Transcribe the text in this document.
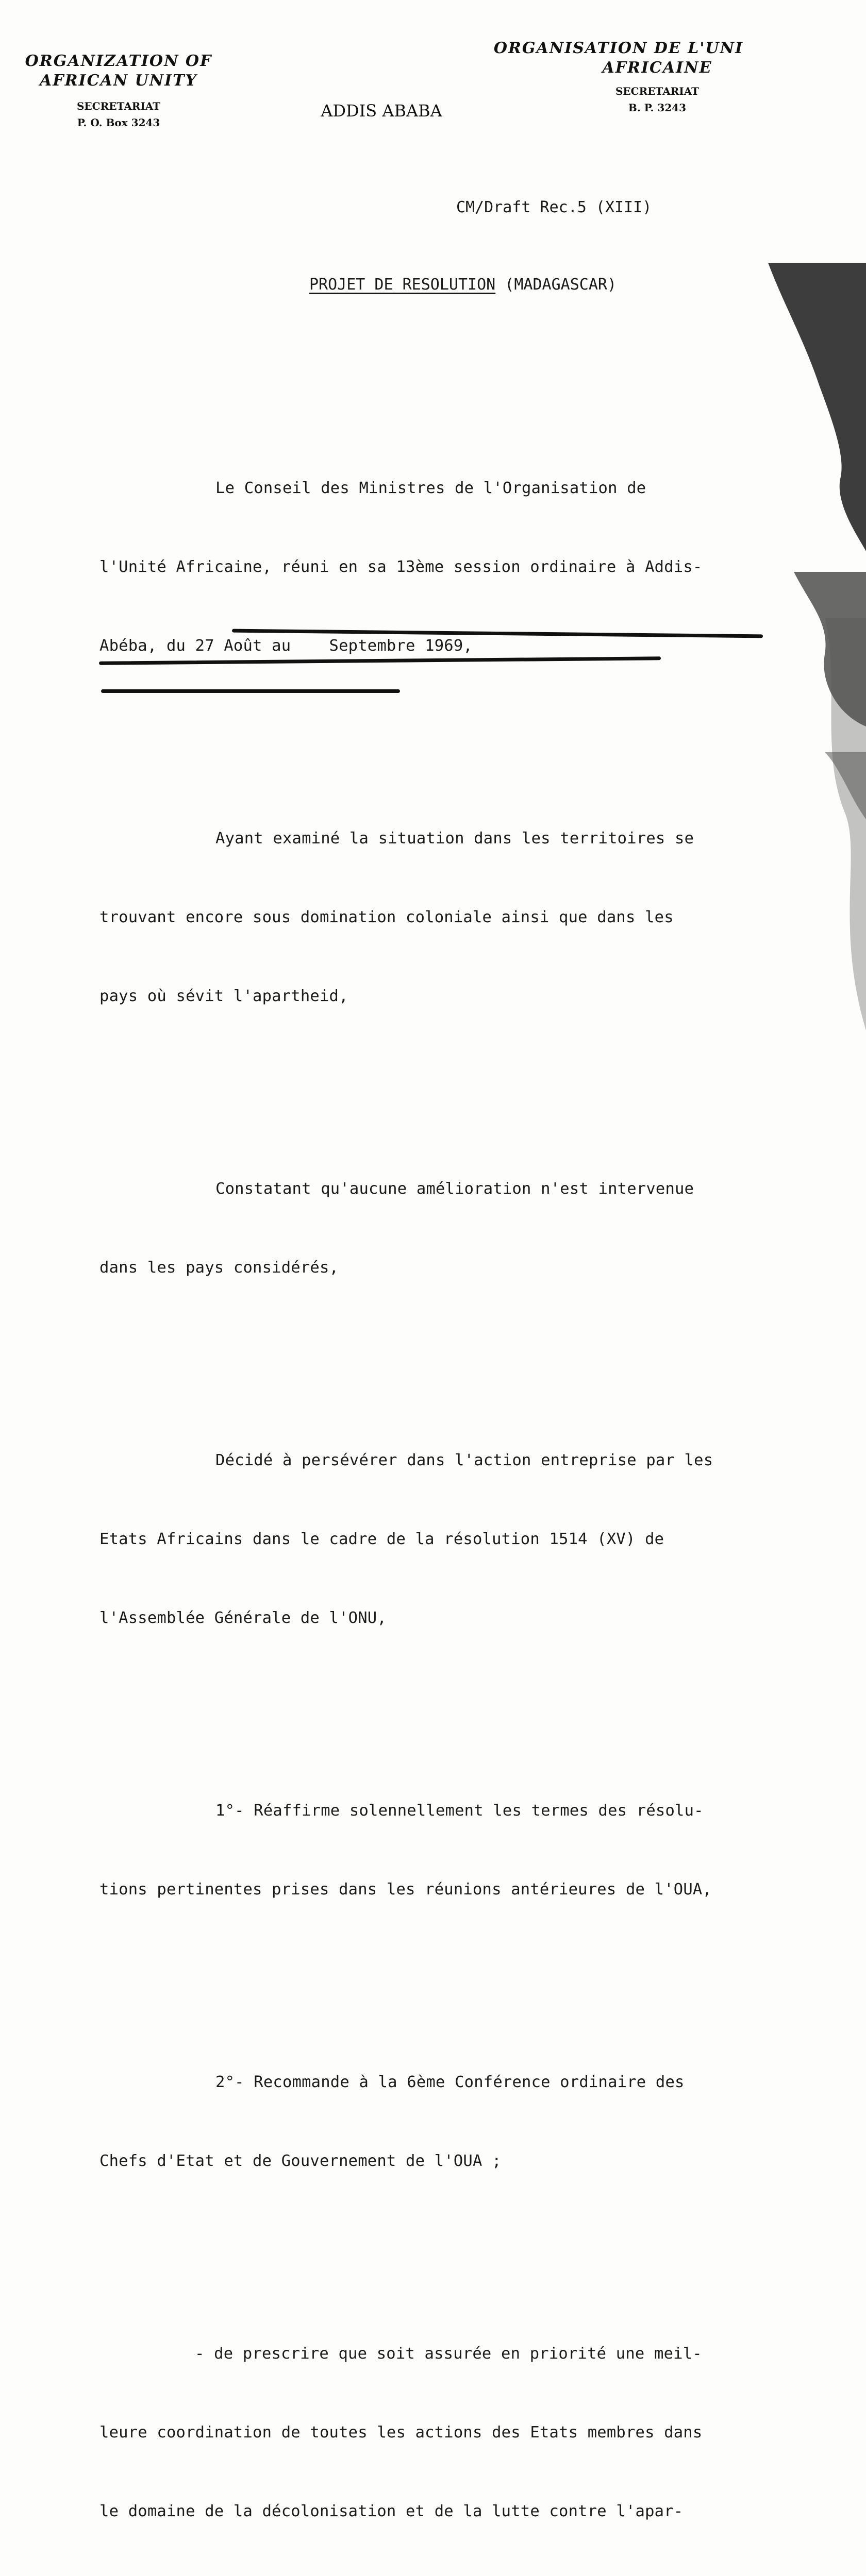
ORGANIZATION OF
AFRICAN UNITY
SECRETARIAT
P. O. Box 3243
ADDIS ABABA
ORGANISATION DE L'UNI
AFRICAINE
SECRETARIAT
B. P. 3243
CM/Draft Rec.5 (XIII)
PROJET DE RESOLUTION (MADAGASCAR)

Le Conseil des Ministres de l'Organisation de

l'Unité Africaine, réuni en sa 13ème session ordinaire à Addis-

Abéba, du 27 Août au    Septembre 1969,

Ayant examiné la situation dans les territoires se

trouvant encore sous domination coloniale ainsi que dans les

pays où sévit l'apartheid,

Constatant qu'aucune amélioration n'est intervenue

dans les pays considérés,

Décidé à persévérer dans l'action entreprise par les

Etats Africains dans le cadre de la résolution 1514 (XV) de

l'Assemblée Générale de l'ONU,

1°- Réaffirme solennellement les termes des résolu-

tions pertinentes prises dans les réunions antérieures de l'OUA,

2°- Recommande à la 6ème Conférence ordinaire des

Chefs d'Etat et de Gouvernement de l'OUA ;

- de prescrire que soit assurée en priorité une meil-

leure coordination de toutes les actions des Etats membres dans

le domaine de la décolonisation et de la lutte contre l'apar-
